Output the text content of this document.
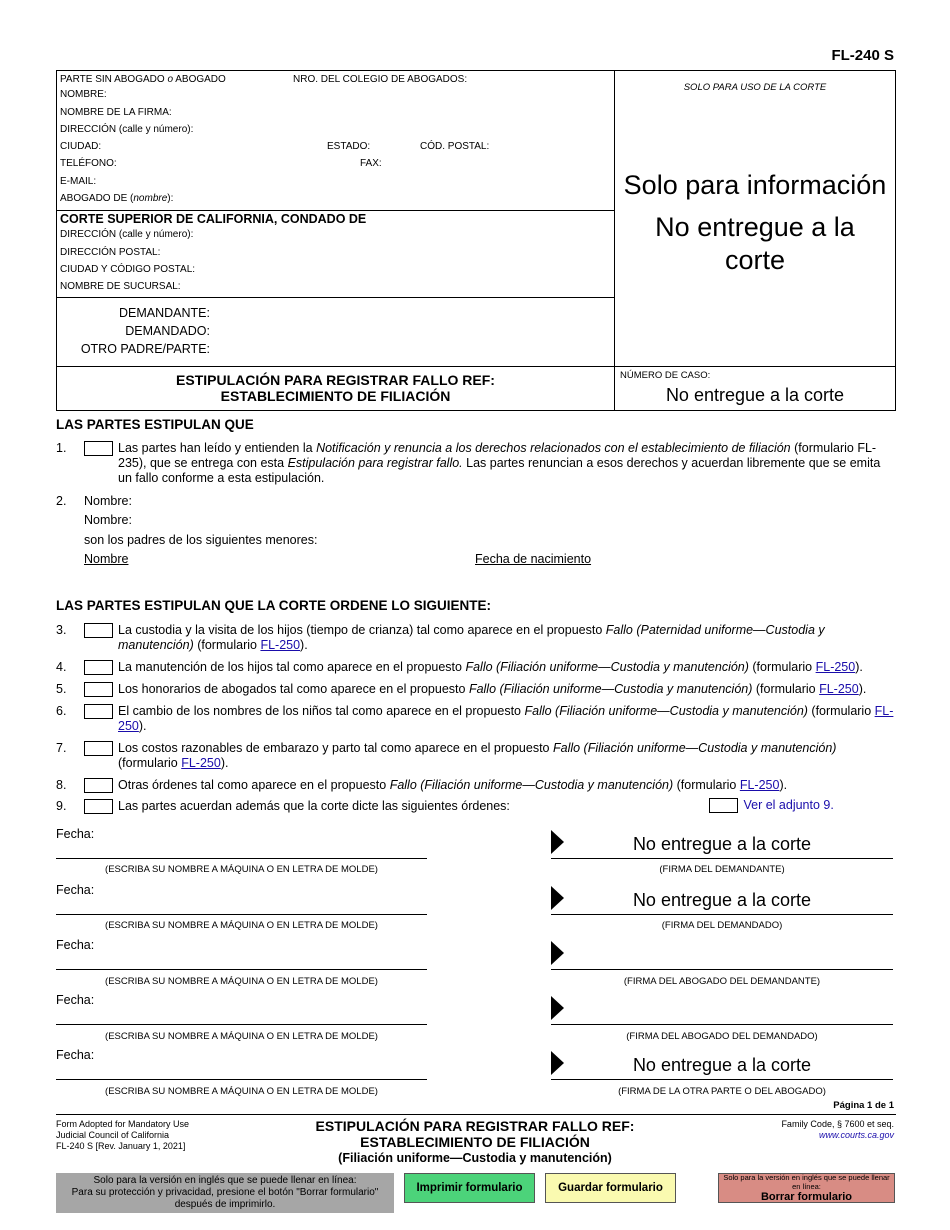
FL-240 S
PARTE SIN ABOGADO o ABOGADO	NRO. DEL COLEGIO DE ABOGADOS:
NOMBRE:
NOMBRE DE LA FIRMA:
DIRECCIÓN (calle y número):
CIUDAD:	ESTADO:	CÓD. POSTAL:
TELÉFONO:	FAX:
E-MAIL:
ABOGADO DE (nombre):
CORTE SUPERIOR DE CALIFORNIA, CONDADO DE
DIRECCIÓN (calle y número):
DIRECCIÓN POSTAL:
CIUDAD Y CÓDIGO POSTAL:
NOMBRE DE SUCURSAL:
DEMANDANTE:
DEMANDADO:
OTRO PADRE/PARTE:
SOLO PARA USO DE LA CORTE
Solo para información
No entregue a la corte
ESTIPULACIÓN PARA REGISTRAR FALLO REF:
ESTABLECIMIENTO DE FILIACIÓN
NÚMERO DE CASO:
No entregue a la corte
LAS PARTES ESTIPULAN QUE
1.	Las partes han leído y entienden la Notificación y renuncia a los derechos relacionados con el establecimiento de filiación (formulario FL-235), que se entrega con esta Estipulación para registrar fallo. Las partes renuncian a esos derechos y acuerdan libremente que se emita un fallo conforme a esta estipulación.
2. Nombre:
Nombre:
son los padres de los siguientes menores:
Nombre	Fecha de nacimiento
LAS PARTES ESTIPULAN QUE LA CORTE ORDENE LO SIGUIENTE:
3.	La custodia y la visita de los hijos (tiempo de crianza) tal como aparece en el propuesto Fallo (Paternidad uniforme—Custodia y manutención) (formulario FL-250).
4.	La manutención de los hijos tal como aparece en el propuesto Fallo (Filiación uniforme—Custodia y manutención) (formulario FL-250).
5.	Los honorarios de abogados tal como aparece en el propuesto Fallo (Filiación uniforme—Custodia y manutención) (formulario FL-250).
6.	El cambio de los nombres de los niños tal como aparece en el propuesto Fallo (Filiación uniforme—Custodia y manutención) (formulario FL-250).
7.	Los costos razonables de embarazo y parto tal como aparece en el propuesto Fallo (Filiación uniforme—Custodia y manutención) (formulario FL-250).
8.	Otras órdenes tal como aparece en el propuesto Fallo (Filiación uniforme—Custodia y manutención) (formulario FL-250).
9.	Las partes acuerdan además que la corte dicte las siguientes órdenes:	Ver el adjunto 9.
Fecha:
(ESCRIBA SU NOMBRE A MÁQUINA O EN LETRA DE MOLDE)
No entregue a la corte
(FIRMA DEL DEMANDANTE)
Fecha:
(ESCRIBA SU NOMBRE A MÁQUINA O EN LETRA DE MOLDE)
No entregue a la corte
(FIRMA DEL DEMANDADO)
Fecha:
(ESCRIBA SU NOMBRE A MÁQUINA O EN LETRA DE MOLDE)	(FIRMA DEL ABOGADO DEL DEMANDANTE)
Fecha:
(ESCRIBA SU NOMBRE A MÁQUINA O EN LETRA DE MOLDE)	(FIRMA DEL ABOGADO DEL DEMANDADO)
Fecha:
(ESCRIBA SU NOMBRE A MÁQUINA O EN LETRA DE MOLDE)
No entregue a la corte
(FIRMA DE LA OTRA PARTE O DEL ABOGADO)
Página 1 de 1
Form Adopted for Mandatory Use
Judicial Council of California
FL-240 S [Rev. January 1, 2021]
ESTIPULACIÓN PARA REGISTRAR FALLO REF:
ESTABLECIMIENTO DE FILIACIÓN
(Filiación uniforme—Custodia y manutención)
Family Code, § 7600 et seq.
www.courts.ca.gov
Solo para la versión en inglés que se puede llenar en línea:
Para su protección y privacidad, presione el botón "Borrar formulario"
después de imprimirlo.
Imprimir formulario	Guardar formulario
Solo para la versión en inglés que se puede llenar en línea:
Borrar formulario
